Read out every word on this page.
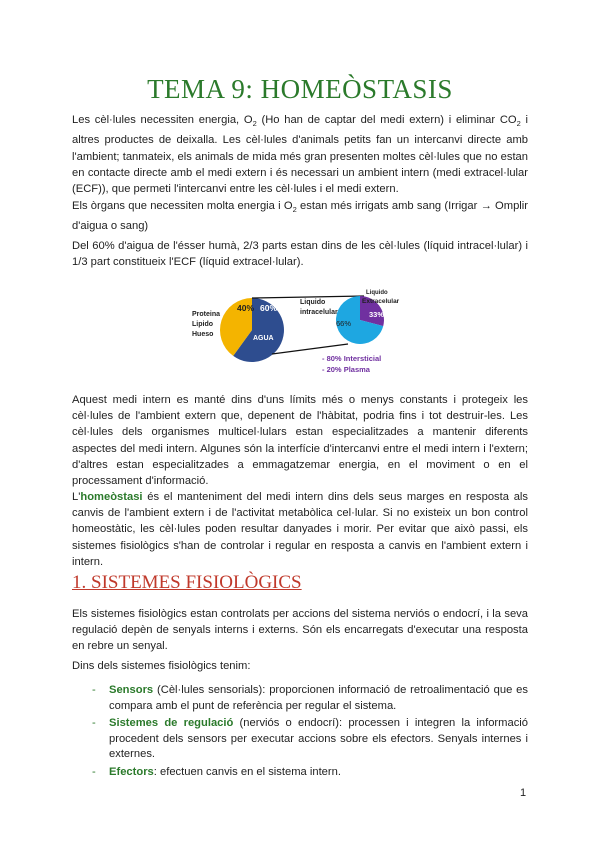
TEMA 9: HOMEÒSTASIS

Les cèl·lules necessiten energia, $O_2$ (Ho han de captar del medi extern) i eliminar $CO_2$ i altres productes de deixalla. Les cèl·lules d'animals petits fan un intercanvi directe amb l'ambient; tanmateix, els animals de mida més gran presenten moltes cèl·lules que no estan en contacte directe amb el medi extern i és necessari un ambient intern (medi extracel·lular (ECF)), que permeti l'intercanvi entre les cèl·lules i el medi extern.

Els òrgans que necessiten molta energia i $O_2$ estan més irrigats amb sang (Irrigar → Omplir d'aigua o sang)

Del 60% d'aigua de l'ésser humà, 2/3 parts estan dins de les cèl·lules (líquid intracel·lular) i 1/3 part constitueix l'ECF (líquid extracel·lular).

40% 60%
AGUA
Proteina
Lipido
Hueso
33%
66%
Liquido
intracelular
Liquido
Extracelular
- 80% Intersticial
- 20% Plasma

Aquest medi intern es manté dins d'uns límits més o menys constants i protegeix les cèl·lules de l'ambient extern que, depenent de l'hàbitat, podria fins i tot destruir-les. Les cèl·lules dels organismes multicel·lulars estan especialitzades a mantenir diferents aspectes del medi intern. Algunes són la interfície d'intercanvi entre el medi intern i l'extern; d'altres estan especialitzades a emmagatzemar energia, en el moviment o en el processament d'informació.

L'homeòstasi és el manteniment del medi intern dins dels seus marges en resposta als canvis de l'ambient extern i de l'activitat metabòlica cel·lular. Si no existeix un bon control homeostàtic, les cèl·lules poden resultar danyades i morir. Per evitar que això passi, els sistemes fisiològics s'han de controlar i regular en resposta a canvis en l'ambient extern i intern.

1. SISTEMES FISIOLÒGICS

Els sistemes fisiològics estan controlats per accions del sistema nerviós o endocrí, i la seva regulació depèn de senyals interns i externs. Són els encarregats d'executar una resposta en rebre un senyal.

Dins dels sistemes fisiològics tenim:

- Sensors (Cèl·lules sensorials): proporcionen informació de retroalimentació que es compara amb el punt de referència per regular el sistema.
- Sistemes de regulació (nerviós o endocrí): processen i integren la informació procedent dels sensors per executar accions sobre els efectors. Senyals internes i externes.
- Efectors: efectuen canvis en el sistema intern.
1
